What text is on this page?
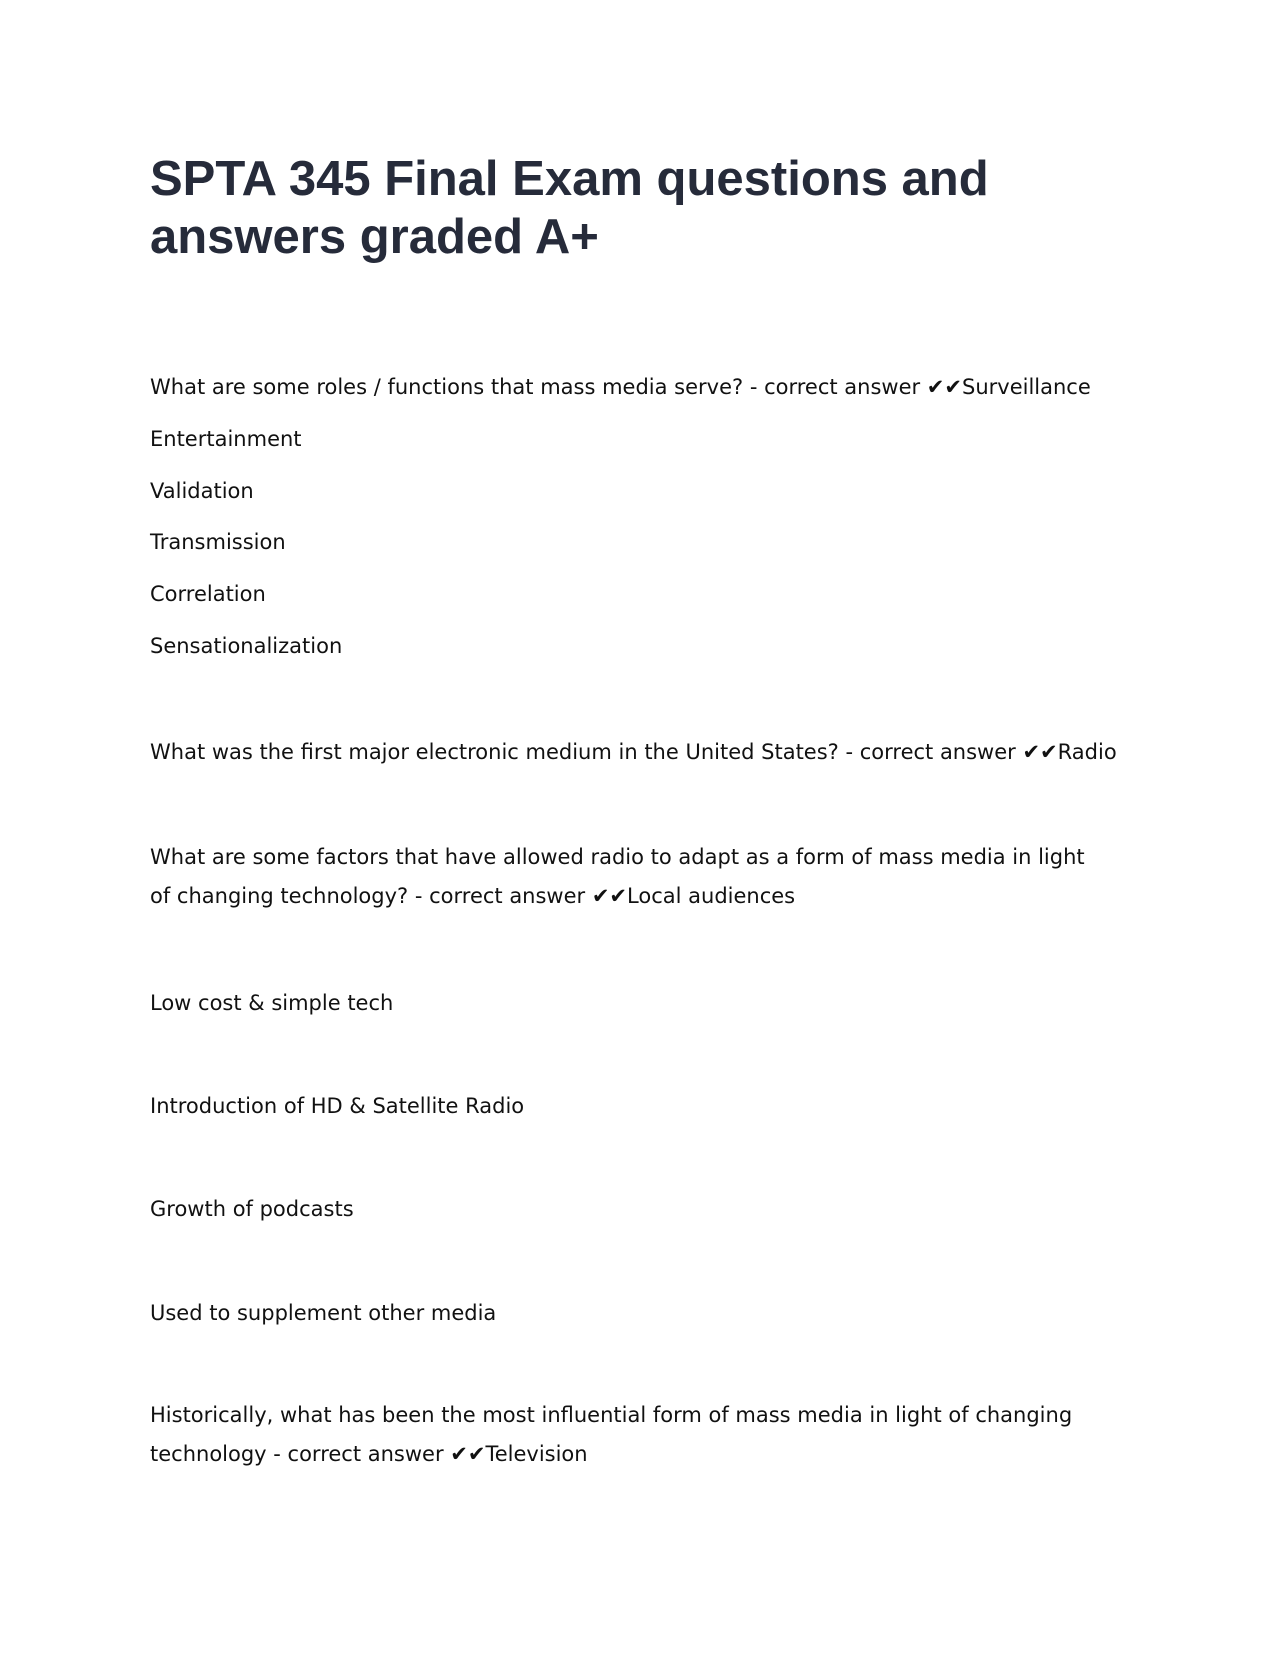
SPTA 345 Final Exam questions and answers graded A+

What are some roles / functions that mass media serve? - correct answer ✔✔Surveillance

Entertainment

Validation

Transmission

Correlation

Sensationalization

What was the first major electronic medium in the United States? - correct answer ✔✔Radio

What are some factors that have allowed radio to adapt as a form of mass media in light of changing technology? - correct answer ✔✔Local audiences

Low cost & simple tech

Introduction of HD & Satellite Radio

Growth of podcasts

Used to supplement other media

Historically, what has been the most influential form of mass media in light of changing technology - correct answer ✔✔Television
